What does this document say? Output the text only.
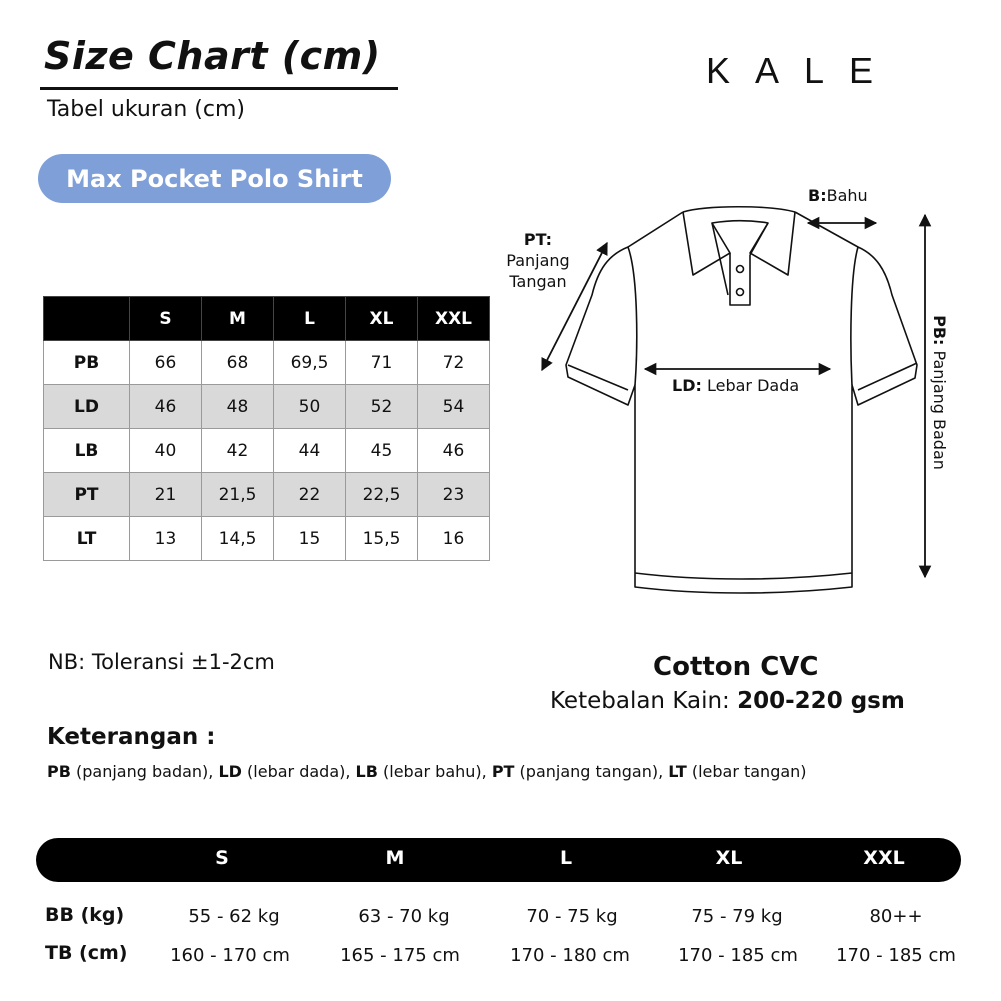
Size Chart (cm)
Tabel ukuran (cm)
KALE
Max Pocket Polo Shirt
	S	M	L	XL	XXL
PB	66	68	69,5	71	72
LD	46	48	50	52	54
LB	40	42	44	45	46
PT	21	21,5	22	22,5	23
LT	13	14,5	15	15,5	16
B:Bahu
PT:
Panjang
Tangan
LD: Lebar Dada
PB: Panjang Badan
NB: Toleransi ±1-2cm	Cotton CVC
Ketebalan Kain: 200-220 gsm
Keterangan :
PB (panjang badan), LD (lebar dada), LB (lebar bahu), PT (panjang tangan), LT (lebar tangan)
S	M	L	XL	XXL
BB (kg)	55 - 62 kg	63 - 70 kg	70 - 75 kg	75 - 79 kg	80++
TB (cm) 160 - 170 cm	165 - 175 cm	170 - 180 cm	170 - 185 cm 170 - 185 cm
